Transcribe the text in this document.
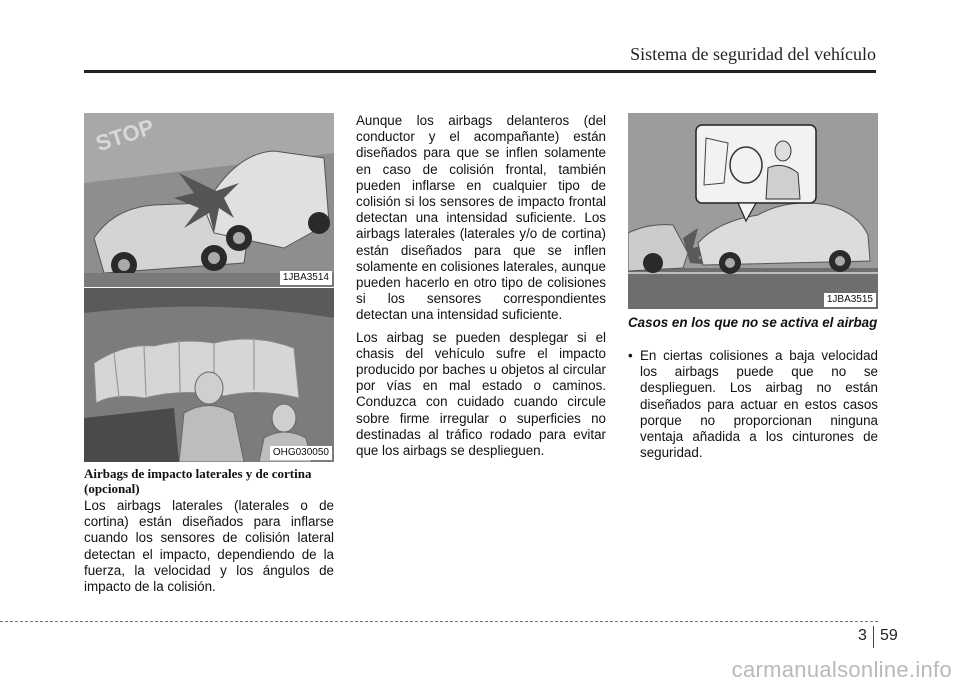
Sistema de seguridad del vehículo
STOP
1JBA3514
OHG030050
Airbags de impacto laterales y de cortina (opcional)

Los airbags laterales (laterales o de cortina) están diseñados para inflarse cuando los sensores de colisión lateral detectan el impacto, dependiendo de la fuerza, la velocidad y los ángulos de impacto de la colisión.

Aunque los airbags delanteros (del conductor y el acompañante) están diseñados para que se inflen solamente en caso de colisión frontal, también pueden inflarse en cualquier tipo de colisión si los sensores de impacto frontal detectan una intensidad suficiente. Los airbags laterales (laterales y/o de cortina) están diseñados para que se inflen solamente en colisiones laterales, aunque pueden hacerlo en otro tipo de colisiones si los sensores correspondientes detectan una intensidad suficiente.

Los airbag se pueden desplegar si el chasis del vehículo sufre el impacto producido por baches u objetos al circular por vías en mal estado o caminos. Conduzca con cuidado cuando circule sobre firme irregular o superficies no destinadas al tráfico rodado para evitar que los airbags se desplieguen.

1JBA3515
Casos en los que no se activa el airbag
• En ciertas colisiones a baja velocidad los airbags puede que no se desplieguen. Los airbag no están diseñados para actuar en estos casos porque no proporcionan ninguna ventaja añadida a los cinturones de seguridad.
3 59
carmanualsonline.info
